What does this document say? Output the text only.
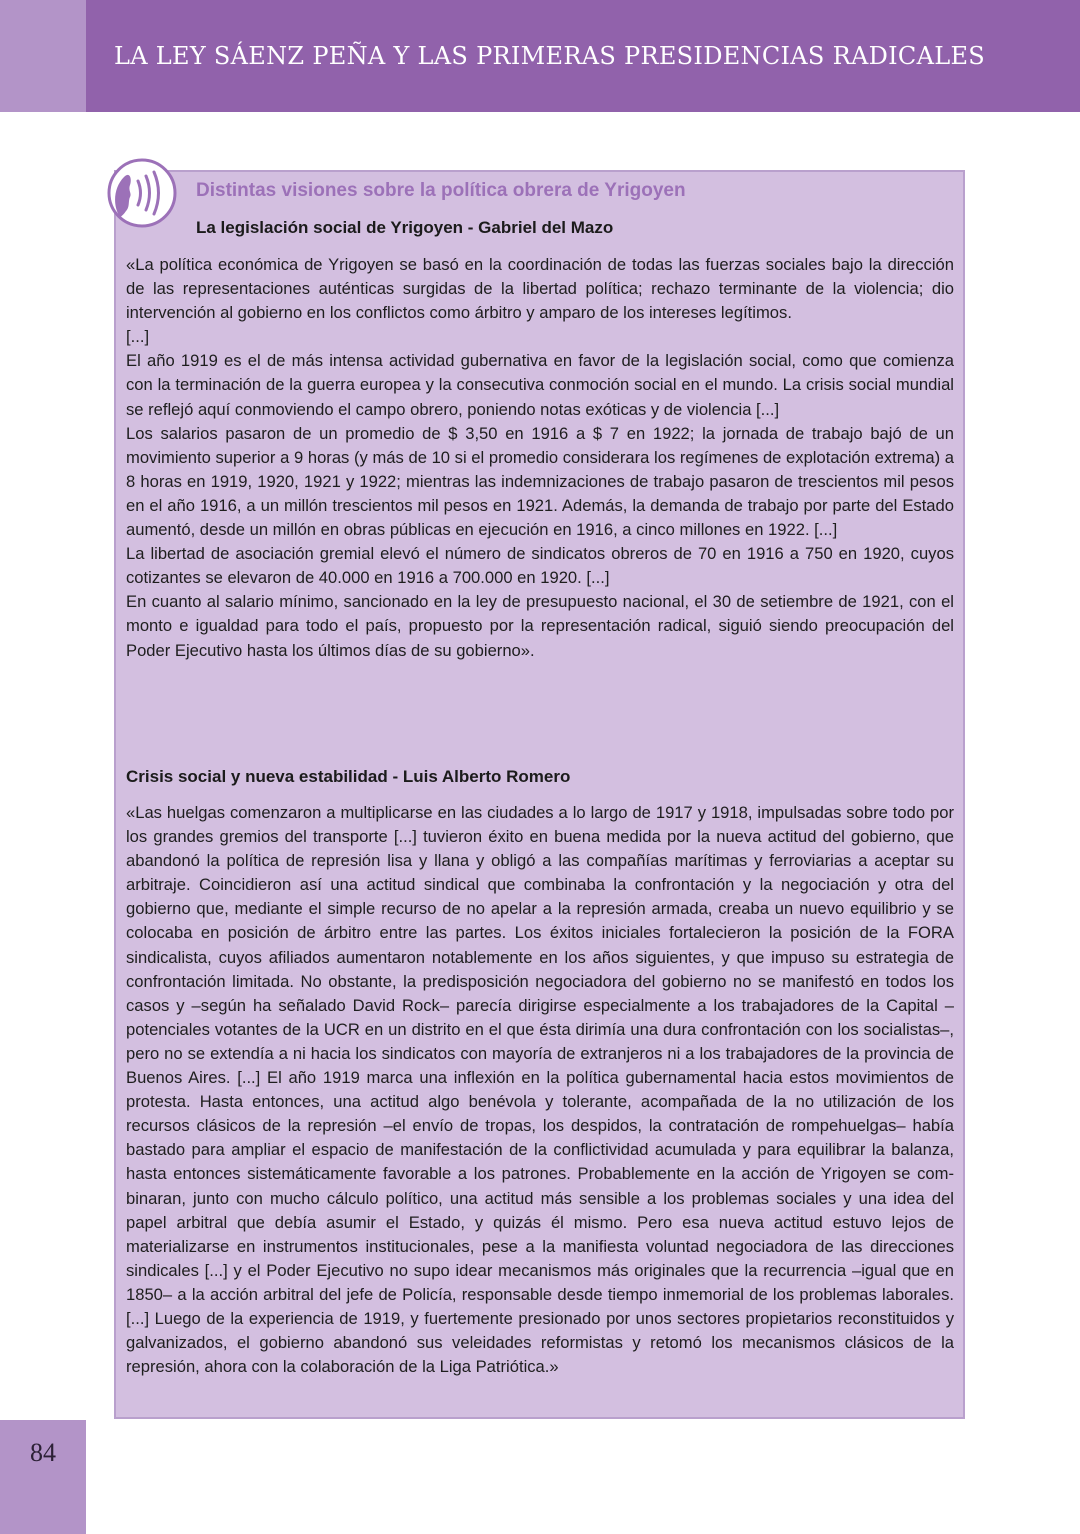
LA LEY SÁENZ PEÑA Y LAS PRIMERAS PRESIDENCIAS RADICALES
Distintas visiones sobre la política obrera de Yrigoyen
La legislación social de Yrigoyen - Gabriel del Mazo

«La política económica de Yrigoyen se basó en la coordinación de todas las fuerzas sociales bajo la dirección de las representaciones auténticas surgidas de la libertad política; rechazo terminante de la violencia; dio intervención al gobierno en los conflictos como árbitro y amparo de los intereses legítimos.

[...]

El año 1919 es el de más intensa actividad gubernativa en favor de la legislación social, como que comienza con la terminación de la guerra europea y la consecutiva conmoción social en el mundo. La crisis social mundial se reflejó aquí conmoviendo el campo obrero, poniendo notas exóticas y de violencia [...]

Los salarios pasaron de un promedio de $ 3,50 en 1916 a $ 7 en 1922; la jornada de trabajo bajó de un movimiento superior a 9 horas (y más de 10 si el promedio considerara los regímenes de explotación extrema) a 8 horas en 1919, 1920, 1921 y 1922; mientras las indemnizaciones de trabajo pasaron de trescientos mil pesos en el año 1916, a un millón trescientos mil pesos en 1921. Además, la demanda de trabajo por parte del Estado aumentó, desde un millón en obras públicas en ejecución en 1916, a cinco millones en 1922. [...]

La libertad de asociación gremial elevó el número de sindicatos obreros de 70 en 1916 a 750 en 1920, cuyos cotizantes se elevaron de 40.000 en 1916 a 700.000 en 1920. [...]

En cuanto al salario mínimo, sancionado en la ley de presupuesto nacional, el 30 de setiembre de 1921, con el monto e igualdad para todo el país, propuesto por la representación radical, siguió siendo preocupación del Poder Ejecutivo hasta los últimos días de su gobierno».

Crisis social y nueva estabilidad - Luis Alberto Romero

«Las huelgas comenzaron a multiplicarse en las ciudades a lo largo de 1917 y 1918, impulsadas sobre todo por los grandes gremios del transporte [...] tuvieron éxito en buena medida por la nueva actitud del gobierno, que abandonó la política de represión lisa y llana y obligó a las compañías marítimas y ferroviarias a aceptar su arbitraje. Coincidieron así una actitud sindical que combinaba la confrontación y la negociación y otra del gobierno que, mediante el simple recurso de no apelar a la represión armada, creaba un nuevo equilibrio y se colocaba en posición de árbitro entre las partes. Los éxitos iniciales fortalecieron la posición de la FORA sindicalista, cuyos afiliados aumentaron notablemente en los años siguientes, y que impuso su estrategia de confrontación limitada. No obstante, la predisposición negociadora del gobierno no se manifestó en todos los casos y –según ha señalado David Rock– parecía dirigirse especialmente a los trabajadores de la Capital –potenciales votantes de la UCR en un distrito en el que ésta dirimía una dura confrontación con los socialistas–, pero no se extendía a ni hacia los sindicatos con mayoría de extranjeros ni a los trabajadores de la provincia de Buenos Aires. [...] El año 1919 marca una inflexión en la política gubernamental hacia estos movimientos de protesta. Hasta entonces, una actitud algo benévola y tolerante, acompañada de la no utilización de los recursos clásicos de la represión –el envío de tropas, los despidos, la contratación de rompehuelgas– había bastado para ampliar el espacio de manifestación de la conflictividad acumulada y para equilibrar la balanza, hasta entonces sistemáticamente favorable a los patrones. Probablemente en la acción de Yrigoyen se combinaran, junto con mucho cálculo político, una actitud más sensible a los problemas sociales y una idea del papel arbitral que debía asumir el Estado, y quizás él mismo. Pero esa nueva actitud estuvo lejos de materializarse en instrumentos institucionales, pese a la manifiesta voluntad negociadora de las direcciones sindicales [...] y el Poder Ejecutivo no supo idear mecanismos más originales que la recurrencia –igual que en 1850– a la acción arbitral del jefe de Policía, responsable desde tiempo inmemorial de los problemas laborales. [...] Luego de la experiencia de 1919, y fuertemente presionado por unos sectores propietarios reconstituidos y galvanizados, el gobierno abandonó sus veleidades reformistas y retomó los mecanismos clásicos de la represión, ahora con la colaboración de la Liga Patriótica.»

84
